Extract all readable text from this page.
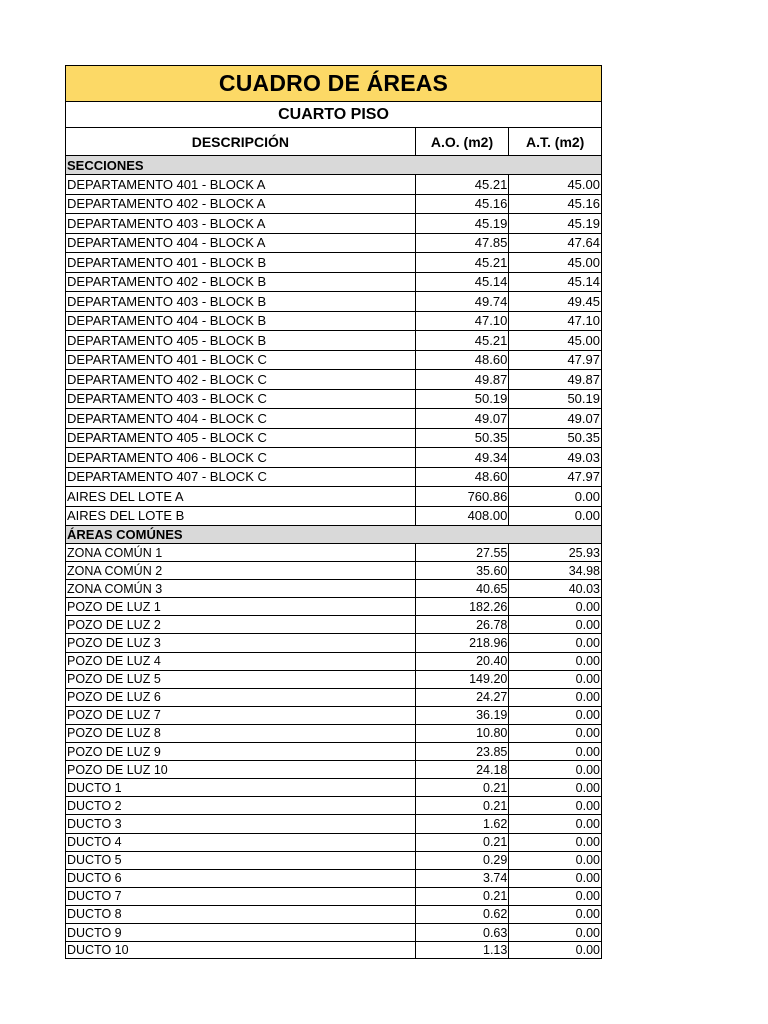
CUADRO DE ÁREAS
CUARTO PISO
DESCRIPCIÓN	A.O. (m2)	A.T. (m2)
SECCIONES
DEPARTAMENTO 401 - BLOCK A	45.21	45.00
DEPARTAMENTO 402 - BLOCK A	45.16	45.16
DEPARTAMENTO 403 - BLOCK A	45.19	45.19
DEPARTAMENTO 404 - BLOCK A	47.85	47.64
DEPARTAMENTO 401 - BLOCK B	45.21	45.00
DEPARTAMENTO 402 - BLOCK B	45.14	45.14
DEPARTAMENTO 403 - BLOCK B	49.74	49.45
DEPARTAMENTO 404 - BLOCK B	47.10	47.10
DEPARTAMENTO 405 - BLOCK B	45.21	45.00
DEPARTAMENTO 401 - BLOCK C	48.60	47.97
DEPARTAMENTO 402 - BLOCK C	49.87	49.87
DEPARTAMENTO 403 - BLOCK C	50.19	50.19
DEPARTAMENTO 404 - BLOCK C	49.07	49.07
DEPARTAMENTO 405 - BLOCK C	50.35	50.35
DEPARTAMENTO 406 - BLOCK C	49.34	49.03
DEPARTAMENTO 407 - BLOCK C	48.60	47.97
AIRES DEL LOTE A	760.86	0.00
AIRES DEL LOTE B	408.00	0.00
ÁREAS COMÚNES
ZONA COMÚN 1	27.55	25.93
ZONA COMÚN 2	35.60	34.98
ZONA COMÚN 3	40.65	40.03
POZO DE LUZ 1	182.26	0.00
POZO DE LUZ 2	26.78	0.00
POZO DE LUZ 3	218.96	0.00
POZO DE LUZ 4	20.40	0.00
POZO DE LUZ 5	149.20	0.00
POZO DE LUZ 6	24.27	0.00
POZO DE LUZ 7	36.19	0.00
POZO DE LUZ 8	10.80	0.00
POZO DE LUZ 9	23.85	0.00
POZO DE LUZ 10	24.18	0.00
DUCTO 1	0.21	0.00
DUCTO 2	0.21	0.00
DUCTO 3	1.62	0.00
DUCTO 4	0.21	0.00
DUCTO 5	0.29	0.00
DUCTO 6	3.74	0.00
DUCTO 7	0.21	0.00
DUCTO 8	0.62	0.00
DUCTO 9	0.63	0.00
DUCTO 10	1.13	0.00
